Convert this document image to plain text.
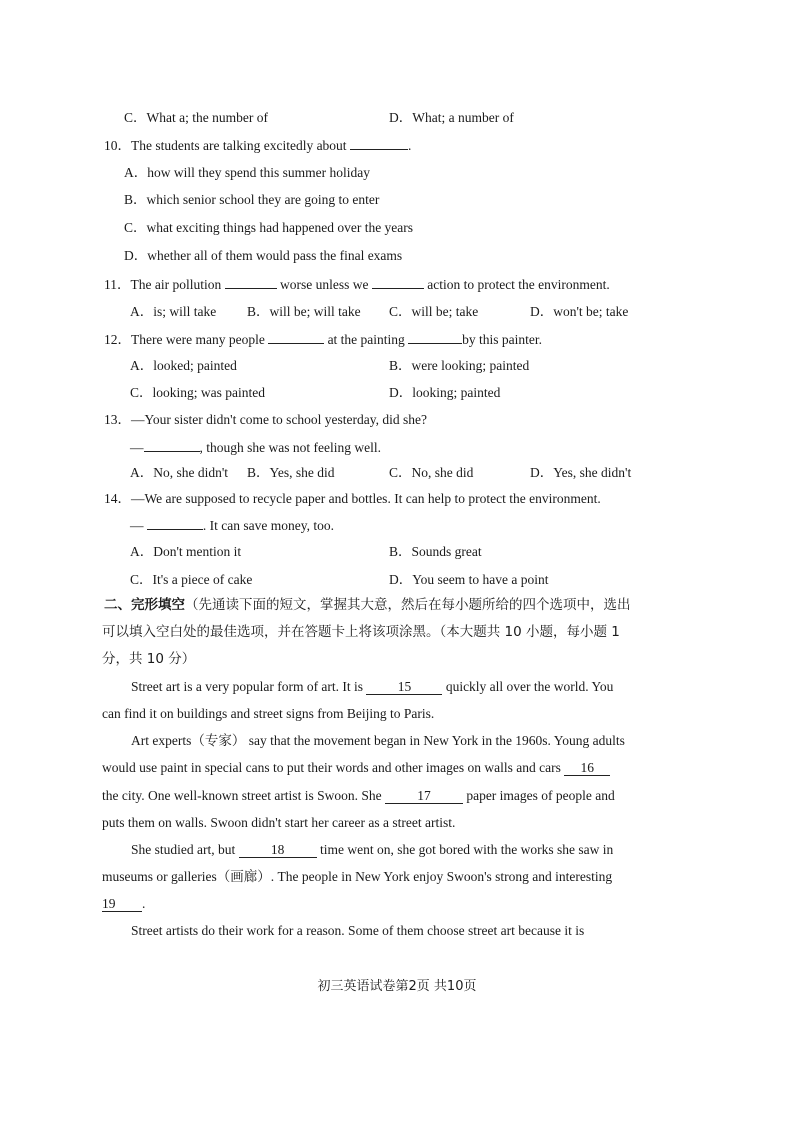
C．What a; the number of	D．What; a number of
10．The students are talking excitedly about	.
A．how will they spend this summer holiday
B．which senior school they are going to enter
C．what exciting things had happened over the years
D．whether all of them would pass the final exams
11．The air pollution	worse unless we	action to protect the environment.
A．is; will take B．will be; will take C．will be; take	D．won't be; take
12．There were many people	at the painting	by this painter.
A．looked; painted	B．were looking; painted
C．looking; was painted	D．looking; painted
13．—Your sister didn't come to school yesterday, did she?
—	, though she was not feeling well.
A．No, she didn't B．Yes, she did	C．No, she did	D．Yes, she didn't
14．—We are supposed to recycle paper and bottles. It can help to protect the environment.
—	. It can save money, too.
A．Don't mention it	B．Sounds great
C．It's a piece of cake	D．You seem to have a point
二、完形填空（先通读下面的短文，掌握其大意，然后在每小题所给的四个选项中，选出
可以填入空白处的最佳选项，并在答题卡上将该项涂黑。（本大题共 10 小题，每小题 1
分，共 10 分）
Street art is a very popular form of art. It is	15	quickly all over the world. You
can find it on buildings and street signs from Beijing to Paris.
Art experts（专家） say that the movement began in New York in the 1960s. Young adults
would use paint in special cans to put their words and other images on walls and cars 16
the city. One well-known street artist is Swoon. She	17	paper images of people and
puts them on walls. Swoon didn't start her career as a street artist.
She studied art, but	18	time went on, she got bored with the works she saw in
museums or galleries（画廊）. The people in New York enjoy Swoon's strong and interesting
19 .
Street artists do their work for a reason. Some of them choose street art because it is
初三英语试卷第2页 共10页
